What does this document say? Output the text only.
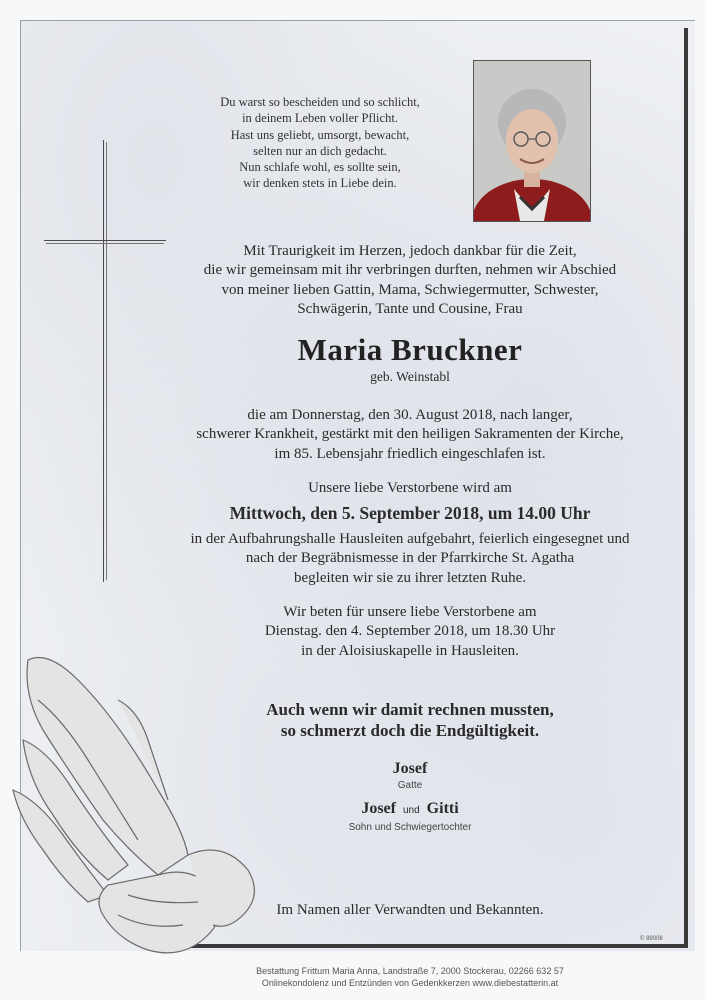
Du warst so bescheiden und so schlicht,
in deinem Leben voller Pflicht.
Hast uns geliebt, umsorgt, bewacht,
selten nur an dich gedacht.
Nun schlafe wohl, es sollte sein,
wir denken stets in Liebe dein.
Mit Traurigkeit im Herzen, jedoch dankbar für die Zeit,
die wir gemeinsam mit ihr verbringen durften, nehmen wir Abschied
von meiner lieben Gattin, Mama, Schwiegermutter, Schwester,
Schwägerin, Tante und Cousine, Frau
Maria Bruckner
geb. Weinstabl
die am Donnerstag, den 30. August 2018, nach langer,
schwerer Krankheit, gestärkt mit den heiligen Sakramenten der Kirche,
im 85. Lebensjahr friedlich eingeschlafen ist.
Unsere liebe Verstorbene wird am
Mittwoch, den 5. September 2018, um 14.00 Uhr
in der Aufbahrungshalle Hausleiten aufgebahrt, feierlich eingesegnet und
nach der Begräbnismesse in der Pfarrkirche St. Agatha
begleiten wir sie zu ihrer letzten Ruhe.
Wir beten für unsere liebe Verstorbene am
Dienstag. den 4. September 2018, um 18.30 Uhr
in der Aloisiuskapelle in Hausleiten.
Auch wenn wir damit rechnen mussten,
so schmerzt doch die Endgültigkeit.
Josef
Gatte
Josef und Gitti
Sohn und Schwiegertochter
Im Namen aller Verwandten und Bekannten.
© 89008
Bestattung Frittum Maria Anna, Landstraße 7, 2000 Stockerau, 02266 632 57
Onlinekondolenz und Entzünden von Gedenkkerzen www.diebestatterin.at
